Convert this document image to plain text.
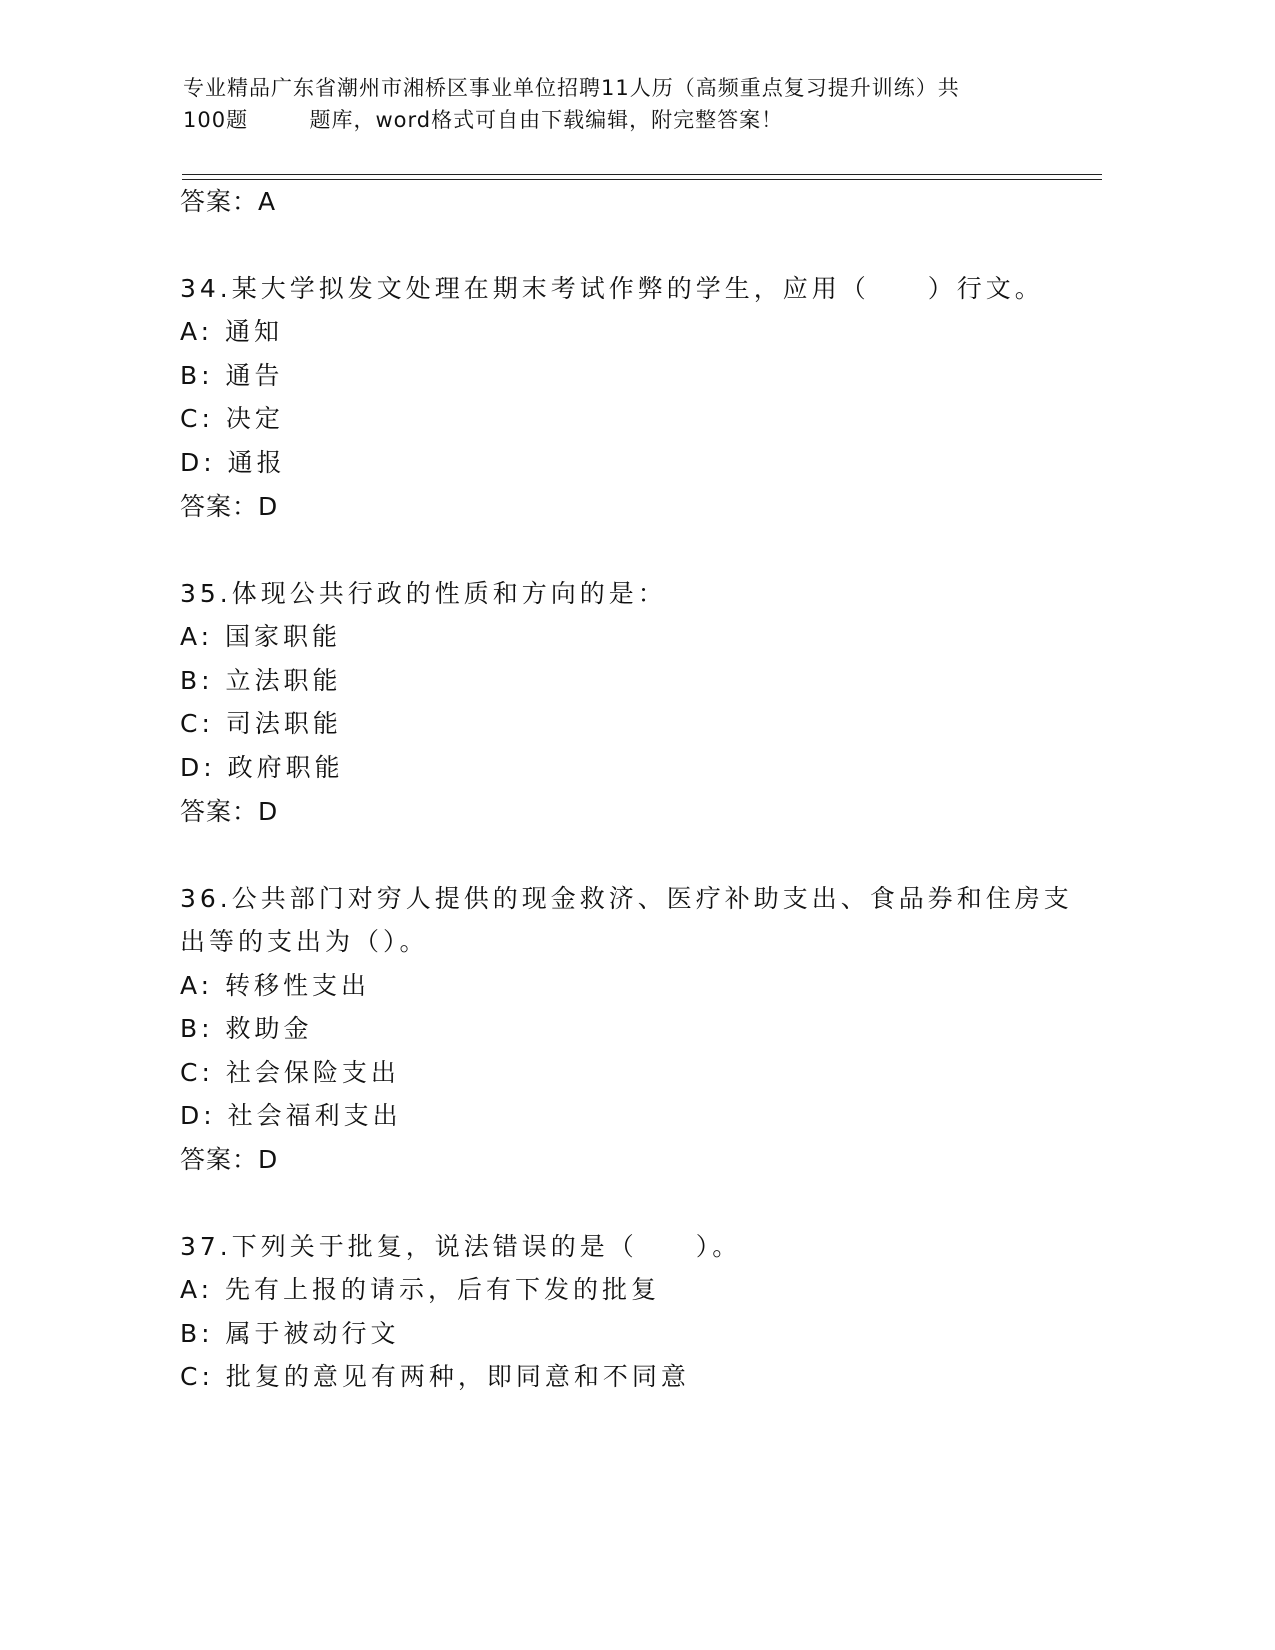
专业精品广东省潮州市湘桥区事业单位招聘11人历（高频重点复习提升训练）共
100题        题库，word格式可自由下载编辑，附完整答案！
答案：A
34.某大学拟发文处理在期末考试作弊的学生，应用（　　）行文。
A: 通知
B: 通告
C: 决定
D: 通报
答案：D
35.体现公共行政的性质和方向的是：
A: 国家职能
B: 立法职能
C: 司法职能
D: 政府职能
答案：D
36.公共部门对穷人提供的现金救济、医疗补助支出、食品券和住房支
出等的支出为（）。
A: 转移性支出
B: 救助金
C: 社会保险支出
D: 社会福利支出
答案：D
37.下列关于批复，说法错误的是（　　）。
A: 先有上报的请示，后有下发的批复
B: 属于被动行文
C: 批复的意见有两种，即同意和不同意
